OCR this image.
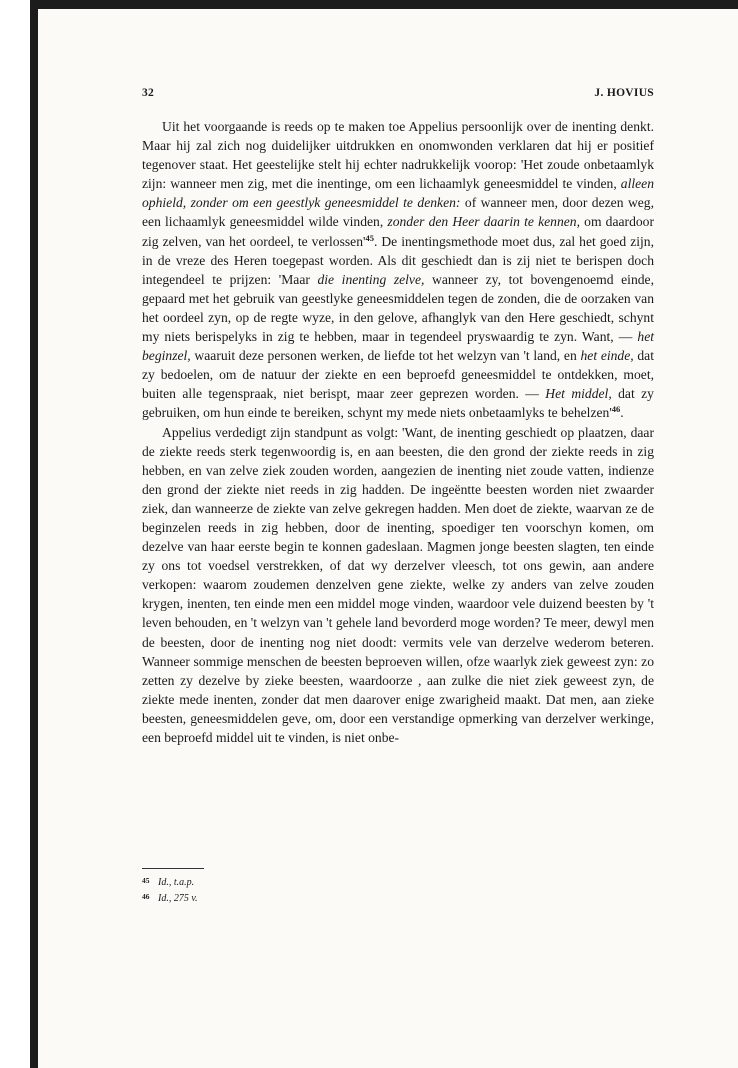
32	J. HOVIUS

Uit het voorgaande is reeds op te maken toe Appelius persoonlijk over de inenting denkt. Maar hij zal zich nog duidelijker uitdrukken en onomwonden verklaren dat hij er positief tegenover staat. Het geestelijke stelt hij echter nadrukkelijk voorop: 'Het zoude onbetaamlyk zijn: wanneer men zig, met die inentinge, om een lichaamlyk geneesmiddel te vinden, alleen ophield, zonder om een geestlyk geneesmiddel te denken: of wanneer men, door dezen weg, een lichaamlyk geneesmiddel wilde vinden, zonder den Heer daarin te kennen, om daardoor zig zelven, van het oordeel, te verlossen'$^{45}$. De inentingsmethode moet dus, zal het goed zijn, in de vreze des Heren toegepast worden. Als dit geschiedt dan is zij niet te berispen doch integendeel te prijzen: 'Maar die inenting zelve, wanneer zy, tot bovengenoemd einde, gepaard met het gebruik van geestlyke geneesmiddelen tegen de zonden, die de oorzaken van het oordeel zyn, op de regte wyze, in den gelove, afhanglyk van den Here geschiedt, schynt my niets berispelyks in zig te hebben, maar in tegendeel pryswaardig te zyn. Want, — het beginzel, waaruit deze personen werken, de liefde tot het welzyn van 't land, en het einde, dat zy bedoelen, om de natuur der ziekte en een beproefd geneesmiddel te ontdekken, moet, buiten alle tegenspraak, niet berispt, maar zeer geprezen worden. — Het middel, dat zy gebruiken, om hun einde te bereiken, schynt my mede niets onbetaamlyks te behelzen'$^{46}$.

Appelius verdedigt zijn standpunt as volgt: 'Want, de inenting geschiedt op plaatzen, daar de ziekte reeds sterk tegenwoordig is, en aan beesten, die den grond der ziekte reeds in zig hebben, en van zelve ziek zouden worden, aangezien de inenting niet zoude vatten, indienze den grond der ziekte niet reeds in zig hadden. De ingeëntte beesten worden niet zwaarder ziek, dan wanneerze de ziekte van zelve gekregen hadden. Men doet de ziekte, waarvan ze de beginzelen reeds in zig hebben, door de inenting, spoediger ten voorschyn komen, om dezelve van haar eerste begin te konnen gadeslaan. Magmen jonge beesten slagten, ten einde zy ons tot voedsel verstrekken, of dat wy derzelver vleesch, tot ons gewin, aan andere verkopen: waarom zoudemen denzelven gene ziekte, welke zy anders van zelve zouden krygen, inenten, ten einde men een middel moge vinden, waardoor vele duizend beesten by 't leven behouden, en 't welzyn van 't gehele land bevorderd moge worden? Te meer, dewyl men de beesten, door de inenting nog niet doodt: vermits vele van derzelve wederom beteren. Wanneer sommige menschen de beesten beproeven willen, ofze waarlyk ziek geweest zyn: zo zetten zy dezelve by zieke beesten, waardoorze , aan zulke die niet ziek geweest zyn, de ziekte mede inenten, zonder dat men daarover enige zwarigheid maakt. Dat men, aan zieke beesten, geneesmiddelen geve, om, door een verstandige opmerking van derzelver werkinge, een beproefd middel uit te vinden, is niet onbe-

45 Id., t.a.p.
46 Id., 275 v.
